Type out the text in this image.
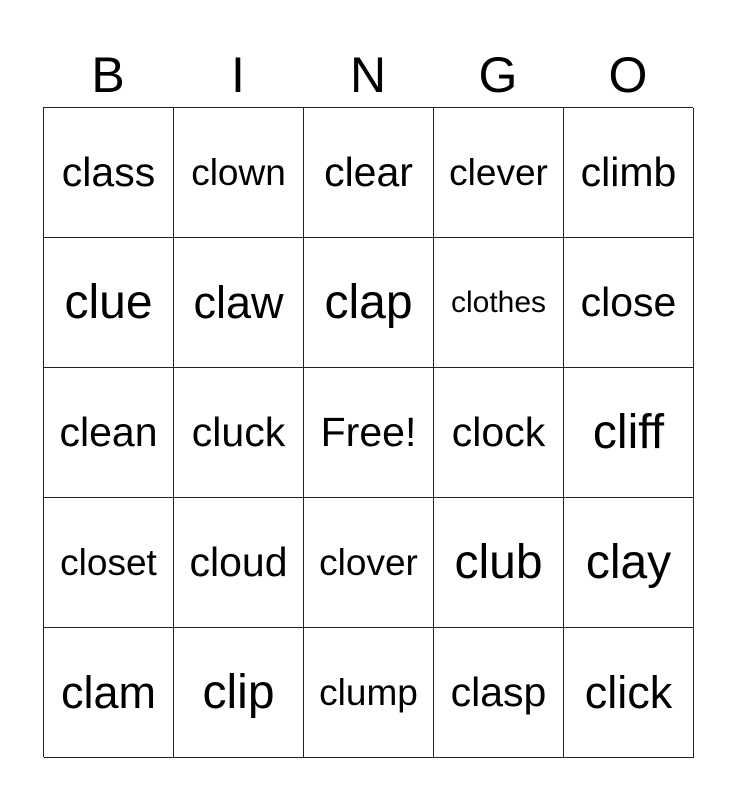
B	I	N	G	O
class clown clear clever climb
clue claw clap clothes close
clean cluck Free! clock cliff
closet cloud clover club clay
clam clip clump clasp click
